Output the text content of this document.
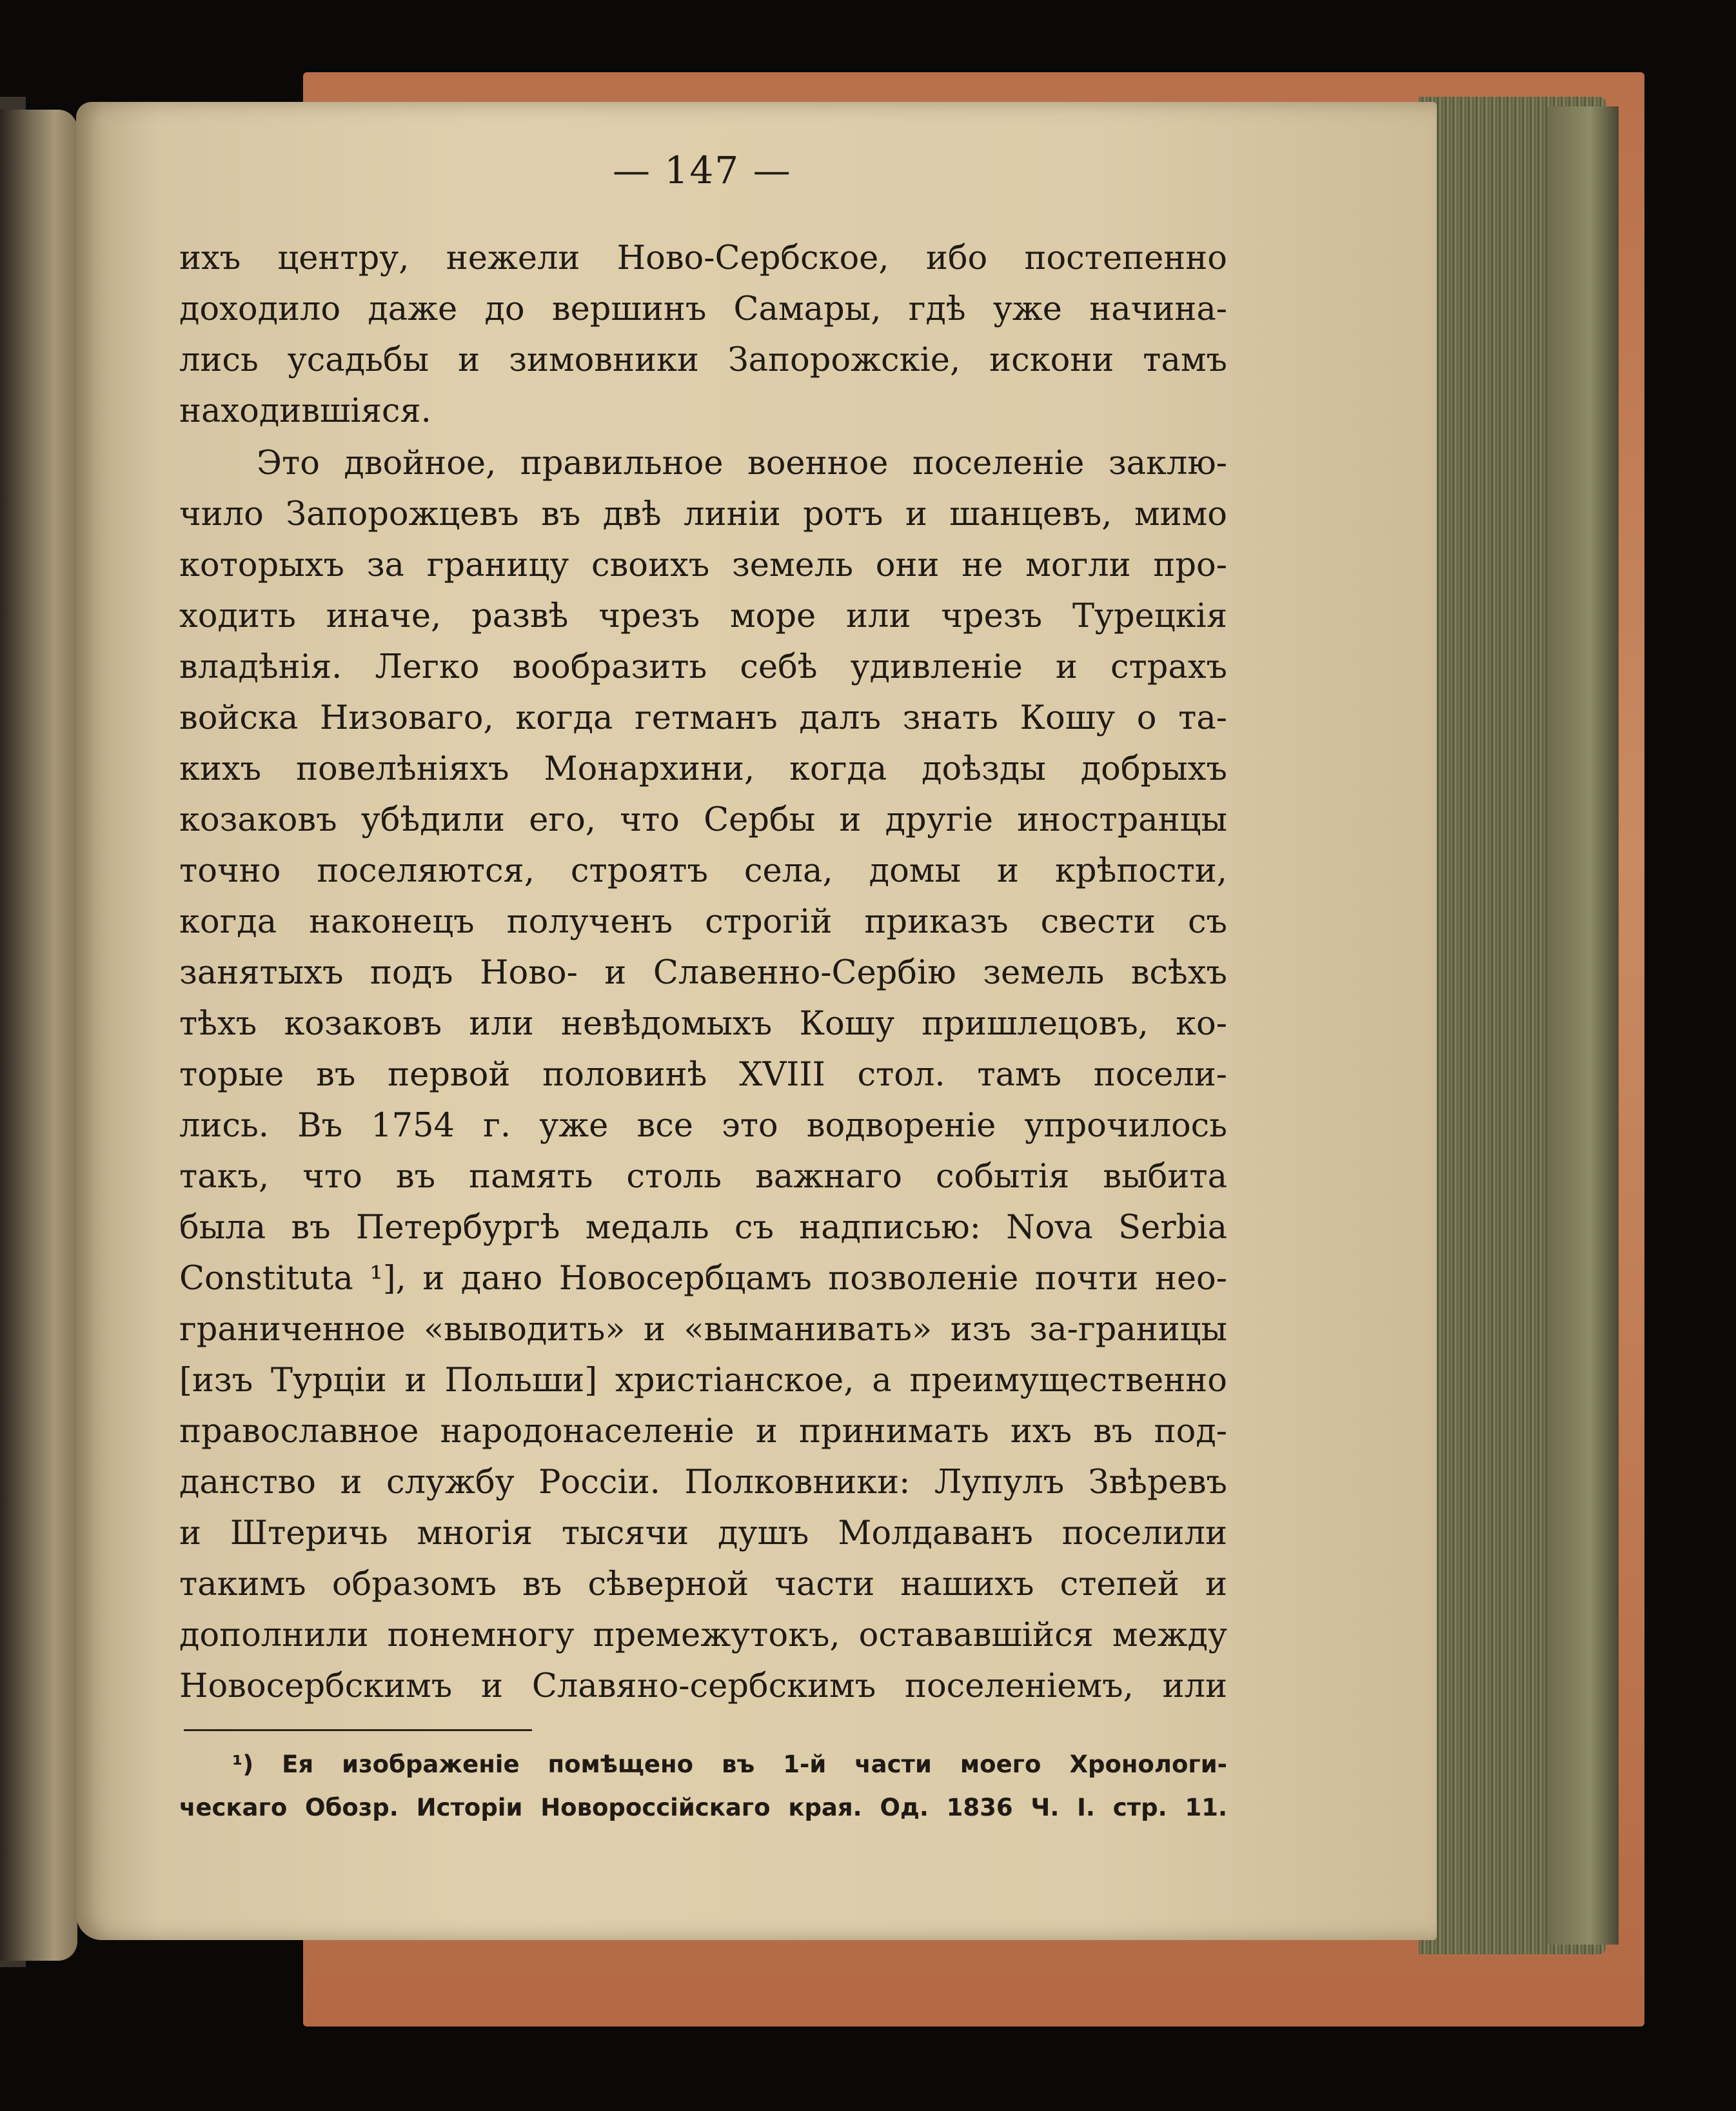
— 147 —
ихъ центру, нежели Ново-Сербское, ибо постепенно
доходило даже до вершинъ Самары, гдѣ уже начина-
лись усадьбы и зимовники Запорожскіе, искони тамъ
находившіяся.
Это двойное, правильное военное поселеніе заклю-
чило Запорожцевъ въ двѣ линіи ротъ и шанцевъ, мимо
которыхъ за границу своихъ земель они не могли про-
ходить иначе, развѣ чрезъ море или чрезъ Турецкія
владѣнія. Легко вообразить себѣ удивленіе и страхъ
войска Низоваго, когда гетманъ далъ знать Кошу о та-
кихъ повелѣніяхъ Монархини, когда доѣзды добрыхъ
козаковъ убѣдили его, что Сербы и другіе иностранцы
точно поселяются, строятъ села, домы и крѣпости,
когда наконецъ полученъ строгій приказъ свести съ
занятыхъ подъ Ново- и Славенно-Сербію земель всѣхъ
тѣхъ козаковъ или невѣдомыхъ Кошу пришлецовъ, ко-
торые въ первой половинѣ XVIII стол. тамъ посели-
лись. Въ 1754 г. уже все это водвореніе упрочилось
такъ, что въ память столь важнаго событія выбита
была въ Петербургѣ медаль съ надписью: Nova Serbia
Constituta ¹], и дано Новосербцамъ позволеніе почти нео-
граниченное «выводить» и «выманивать» изъ за-границы
[изъ Турціи и Польши] христіанское, а преимущественно
православное народонаселеніе и принимать ихъ въ под-
данство и службу Россіи. Полковники: Лупулъ Звѣревъ
и Штеричь многія тысячи душъ Молдаванъ поселили
такимъ образомъ въ сѣверной части нашихъ степей и
дополнили понемногу премежутокъ, остававшійся между
Новосербскимъ и Славяно-сербскимъ поселеніемъ, или
¹) Ея изображеніе помѣщено въ 1-й части моего Хронологи-
ческаго Обозр. Исторіи Новороссійскаго края. Од. 1836 Ч. I. стр. 11.
